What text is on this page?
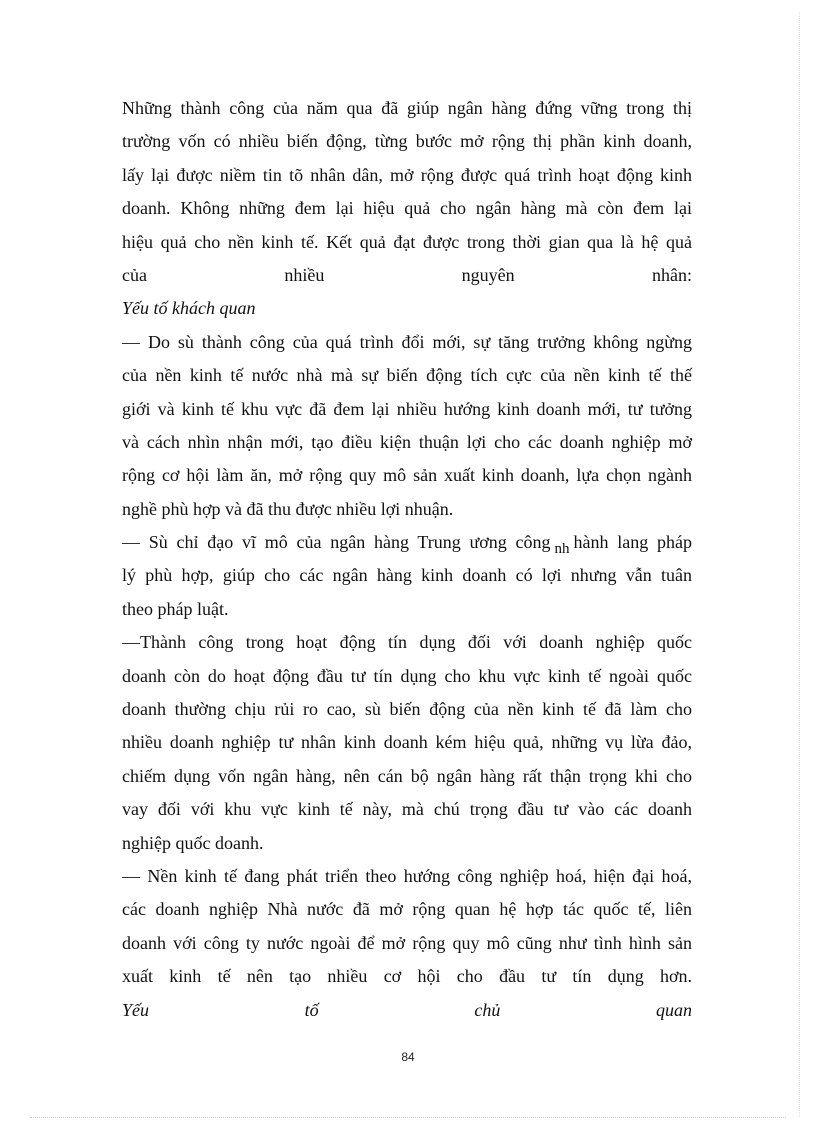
Những thành công của năm qua đã giúp ngân hàng đứng vững trong thị
trường vốn có nhiều biến động, từng bước mở rộng thị phần kinh doanh,
lấy lại được niềm tin tõ nhân dân, mở rộng được quá trình hoạt động kinh
doanh. Không những đem lại hiệu quả cho ngân hàng mà còn đem lại
hiệu quả cho nền kinh tế. Kết quả đạt được trong thời gian qua là hệ quả
của nhiều nguyên nhân:
Yếu tố khách quan
— Do sù thành công của quá trình đổi mới, sự tăng trưởng không ngừng
của nền kinh tế nước nhà mà sự biến động tích cực của nền kinh tế thế
giới và kinh tế khu vực đã đem lại nhiều hướng kinh doanh mới, tư tưởng
và cách nhìn nhận mới, tạo điều kiện thuận lợi cho các doanh nghiệp mở
rộng cơ hội làm ăn, mở rộng quy mô sản xuất kinh doanh, lựa chọn ngành
nghề phù hợp và đã thu được nhiều lợi nhuận.
— Sù chỉ đạo vĩ mô của ngân hàng Trung ương công $_{nh}$ hành lang pháp
lý phù hợp, giúp cho các ngân hàng kinh doanh có lợi nhưng vẫn tuân
theo pháp luật.
—Thành công trong hoạt động tín dụng đối với doanh nghiệp quốc
doanh còn do hoạt động đầu tư tín dụng cho khu vực kinh tế ngoài quốc
doanh thường chịu rủi ro cao, sù biến động của nền kinh tế đã làm cho
nhiều doanh nghiệp tư nhân kinh doanh kém hiệu quả, những vụ lừa đảo,
chiếm dụng vốn ngân hàng, nên cán bộ ngân hàng rất thận trọng khi cho
vay đối với khu vực kinh tế này, mà chú trọng đầu tư vào các doanh
nghiệp quốc doanh.
— Nền kinh tế đang phát triển theo hướng công nghiệp hoá, hiện đại hoá,
các doanh nghiệp Nhà nước đã mở rộng quan hệ hợp tác quốc tế, liên
doanh với công ty nước ngoài để mở rộng quy mô cũng như tình hình sản
xuất kinh tế nên tạo nhiều cơ hội cho đầu tư tín dụng hơn.
Yếu tố chủ quan
84
